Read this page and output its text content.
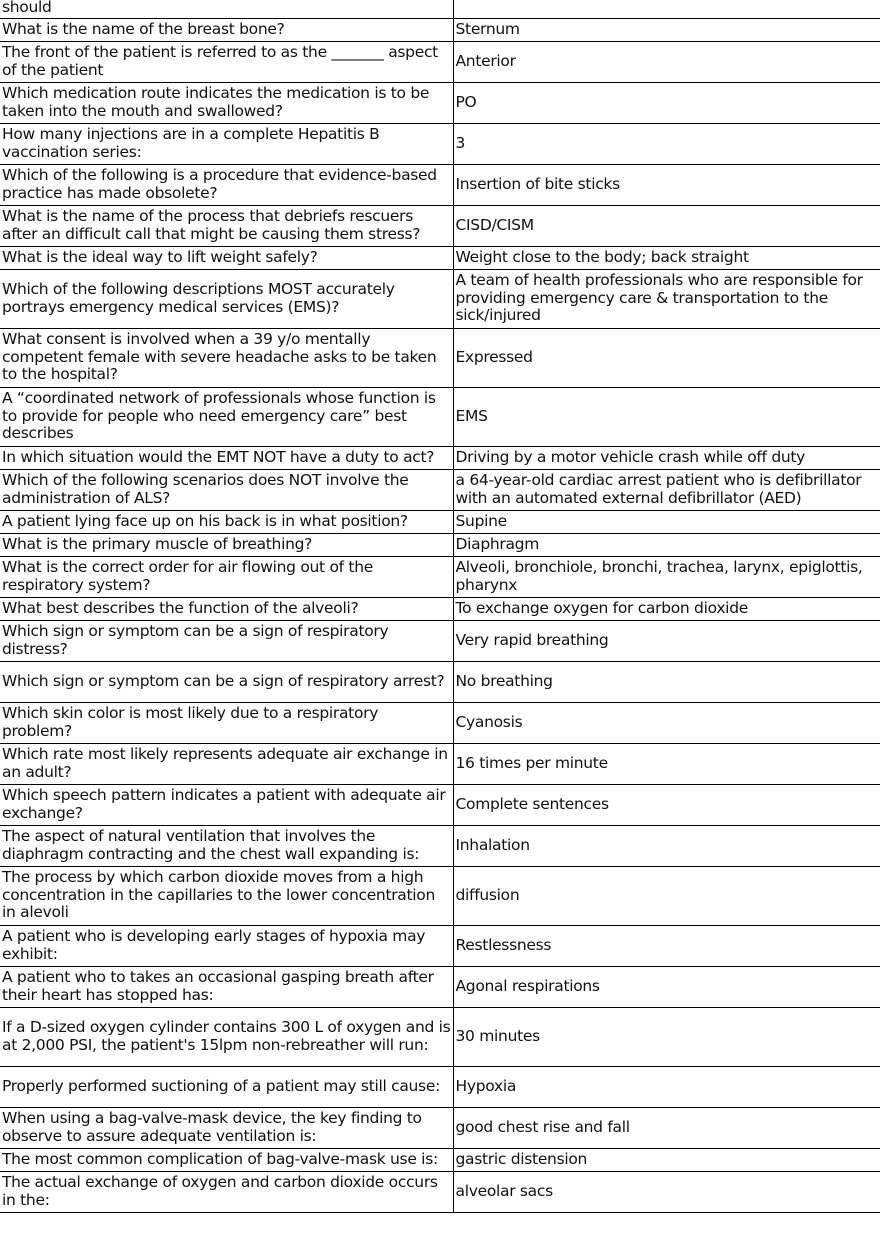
should	
What is the name of the breast bone?	Sternum
The front of the patient is referred to as the _______ aspect of the patient	Anterior
Which medication route indicates the medication is to be taken into the mouth and swallowed?	PO
How many injections are in a complete Hepatitis B vaccination series:	3
Which of the following is a procedure that evidence-based practice has made obsolete?	Insertion of bite sticks
What is the name of the process that debriefs rescuers after an difficult call that might be causing them stress?	CISD/CISM
What is the ideal way to lift weight safely?	Weight close to the body; back straight
Which of the following descriptions MOST accurately portrays emergency medical services (EMS)?	A team of health professionals who are responsible for providing emergency care & transportation to the sick/injured
What consent is involved when a 39 y/o mentally competent female with severe headache asks to be taken to the hospital?	Expressed
A “coordinated network of professionals whose function is to provide for people who need emergency care” best describes	EMS
In which situation would the EMT NOT have a duty to act?	Driving by a motor vehicle crash while off duty
Which of the following scenarios does NOT involve the administration of ALS?	a 64-year-old cardiac arrest patient who is defibrillator with an automated external defibrillator (AED)
A patient lying face up on his back is in what position?	Supine
What is the primary muscle of breathing?	Diaphragm
What is the correct order for air flowing out of the respiratory system?	Alveoli, bronchiole, bronchi, trachea, larynx, epiglottis, pharynx
What best describes the function of the alveoli?	To exchange oxygen for carbon dioxide
Which sign or symptom can be a sign of respiratory distress?	Very rapid breathing
Which sign or symptom can be a sign of respiratory arrest?	No breathing
Which skin color is most likely due to a respiratory problem?	Cyanosis
Which rate most likely represents adequate air exchange in an adult?	16 times per minute
Which speech pattern indicates a patient with adequate air exchange?	Complete sentences
The aspect of natural ventilation that involves the diaphragm contracting and the chest wall expanding is:	Inhalation
The process by which carbon dioxide moves from a high concentration in the capillaries to the lower concentration in alevoli	diffusion
A patient who is developing early stages of hypoxia may exhibit:	Restlessness
A patient who to takes an occasional gasping breath after their heart has stopped has:	Agonal respirations
If a D-sized oxygen cylinder contains 300 L of oxygen and is at 2,000 PSI, the patient's 15lpm non-rebreather will run:	30 minutes
Properly performed suctioning of a patient may still cause:	Hypoxia
When using a bag-valve-mask device, the key finding to observe to assure adequate ventilation is:	good chest rise and fall
The most common complication of bag-valve-mask use is:	gastric distension
The actual exchange of oxygen and carbon dioxide occurs in the:	alveolar sacs
